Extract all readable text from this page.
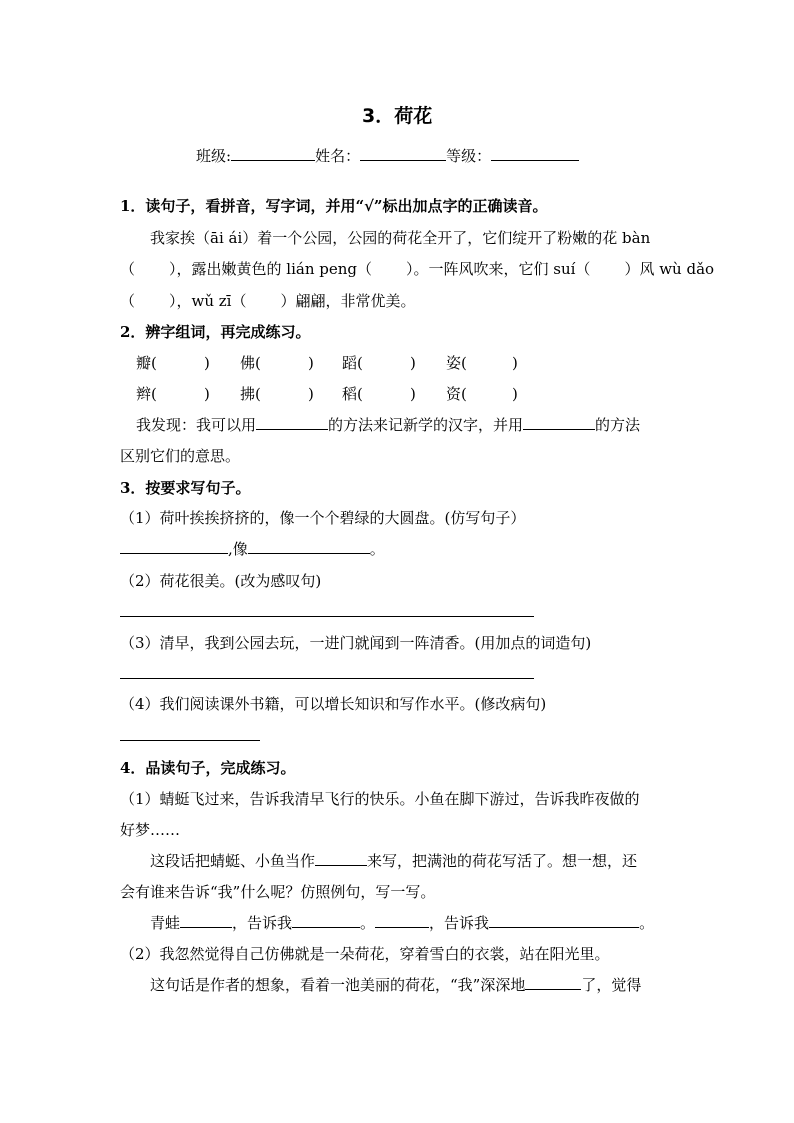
3．荷花
班级:	姓名：	等级：
1．读句子，看拼音，写字词，并用“√”标出加点字的正确读音。
我家挨（āi ái）着一个公园，公园的荷花全开了，它们绽开了粉嫩的花 bàn
（ ），露出嫩黄色的 lián peng（ ）。一阵风吹来，它们 suí（ ）风 wù dǎo
（ ），wǔ zī（ ）翩翩，非常优美。
2．辨字组词，再完成练习。
瓣(	) 佛(	) 蹈(	) 姿(	)
辫(	) 拂(	) 稻(	) 资(	)
我发现：我可以用	的方法来记新学的汉字，并用	的方法
区别它们的意思。
3．按要求写句子。
（1）荷叶挨挨挤挤的，像一个个碧绿的大圆盘。(仿写句子）
,像	。
（2）荷花很美。(改为感叹句)
（3）清早，我到公园去玩，一进门就闻到一阵清香。(用加点的词造句)
（4）我们阅读课外书籍，可以增长知识和写作水平。(修改病句)
4．品读句子，完成练习。
（1）蜻蜓飞过来，告诉我清早飞行的快乐。小鱼在脚下游过，告诉我昨夜做的
好梦……
这段话把蜻蜓、小鱼当作	来写，把满池的荷花写活了。想一想，还
会有谁来告诉“我”什么呢？仿照例句，写一写。
青蛙	，告诉我	。	，告诉我	。
（2）我忽然觉得自己仿佛就是一朵荷花，穿着雪白的衣裳，站在阳光里。
这句话是作者的想象，看着一池美丽的荷花，“我”深深地	了，觉得
